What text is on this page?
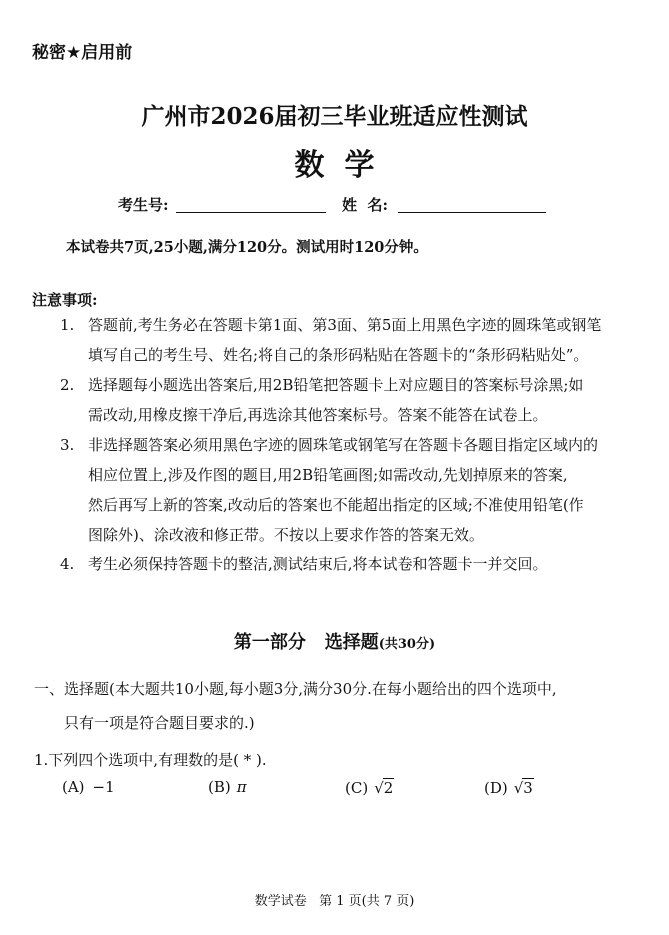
秘密★启用前
广州市2026届初三毕业班适应性测试
数学
考生号:	姓  名:
本试卷共7页,25小题,满分120分。测试用时120分钟。
注意事项:
1. 答题前,考生务必在答题卡第1面、第3面、第5面上用黑色字迹的圆珠笔或钢笔
填写自己的考生号、姓名;将自己的条形码粘贴在答题卡的“条形码粘贴处”。
2. 选择题每小题选出答案后,用2B铅笔把答题卡上对应题目的答案标号涂黑;如
需改动,用橡皮擦干净后,再选涂其他答案标号。答案不能答在试卷上。
3. 非选择题答案必须用黑色字迹的圆珠笔或钢笔写在答题卡各题目指定区域内的
相应位置上,涉及作图的题目,用2B铅笔画图;如需改动,先划掉原来的答案,
然后再写上新的答案,改动后的答案也不能超出指定的区域;不准使用铅笔(作
图除外)、涂改液和修正带。不按以上要求作答的答案无效。
4. 考生必须保持答题卡的整洁,测试结束后,将本试卷和答题卡一并交回。
第一部分   选择题(共30分)
一、选择题(本大题共10小题,每小题3分,满分30分.在每小题给出的四个选项中,
只有一项是符合题目要求的.)
1.下列四个选项中,有理数的是( * ).
(A) −1	(B) π	(C) √2	(D) √3
数学试卷   第 1 页(共 7 页)
